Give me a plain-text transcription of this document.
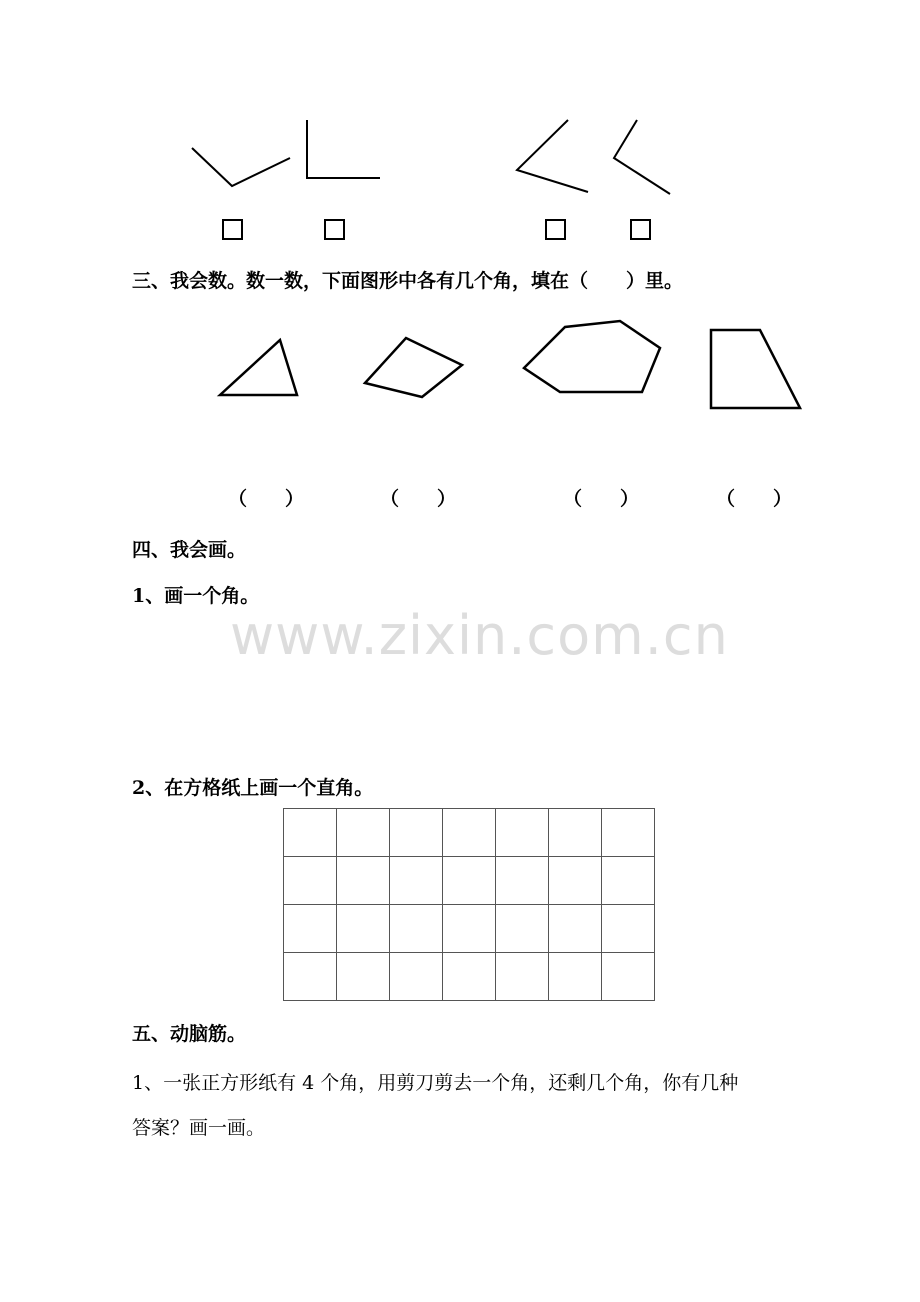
三、我会数。数一数，下面图形中各有几个角，填在（　　）里。
（　　）	（　　）	（　　）	（　　）
四、我会画。
1、画一个角。
www.zixin.com.cn
2、在方格纸上画一个直角。

五、动脑筋。
1、一张正方形纸有 4 个角，用剪刀剪去一个角，还剩几个角，你有几种
答案？画一画。
